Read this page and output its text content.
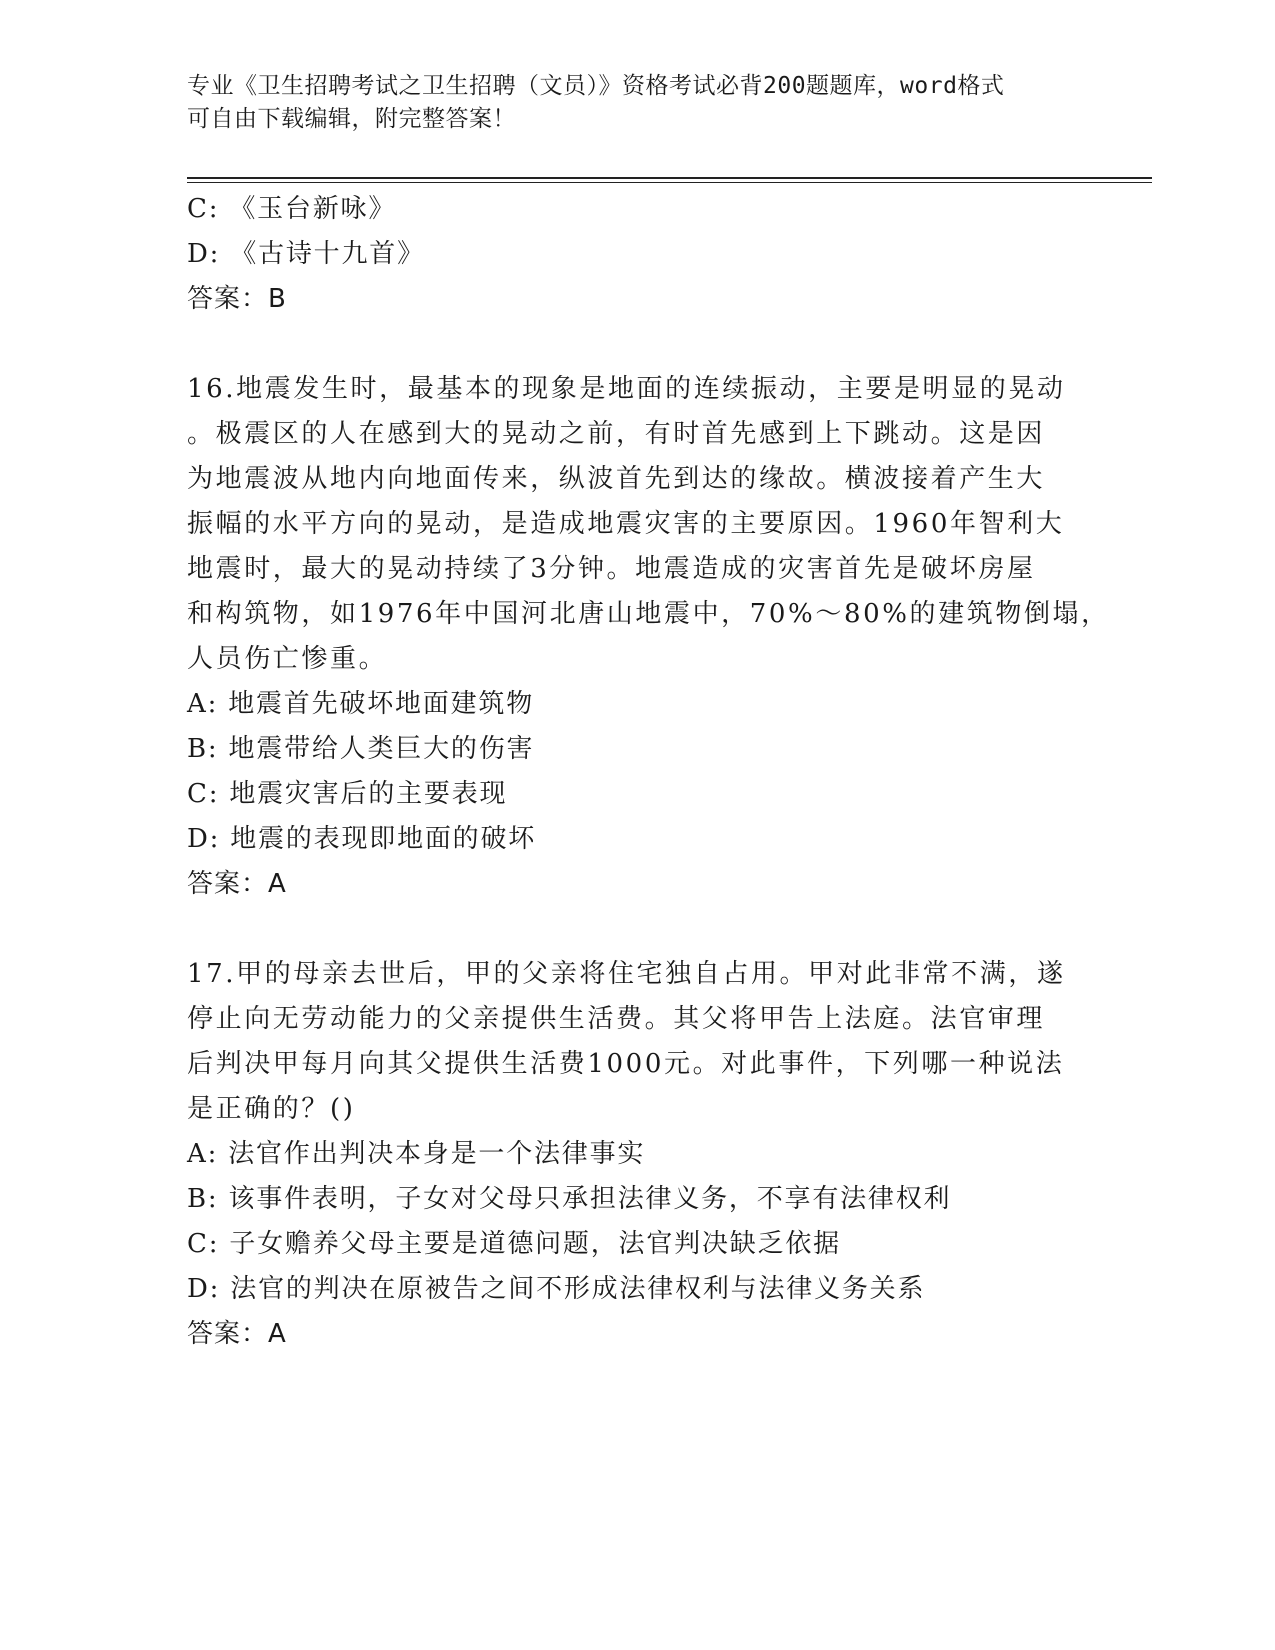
专业《卫生招聘考试之卫生招聘（文员）》资格考试必背200题题库，word格式
可自由下载编辑，附完整答案！
C: 《玉台新咏》
D: 《古诗十九首》
答案：B
16.地震发生时，最基本的现象是地面的连续振动，主要是明显的晃动
。极震区的人在感到大的晃动之前，有时首先感到上下跳动。这是因
为地震波从地内向地面传来，纵波首先到达的缘故。横波接着产生大
振幅的水平方向的晃动，是造成地震灾害的主要原因。1960年智利大
地震时，最大的晃动持续了3分钟。地震造成的灾害首先是破坏房屋
和构筑物，如1976年中国河北唐山地震中，70%～80%的建筑物倒塌，
人员伤亡惨重。
A: 地震首先破坏地面建筑物
B: 地震带给人类巨大的伤害
C: 地震灾害后的主要表现
D: 地震的表现即地面的破坏
答案：A
17.甲的母亲去世后，甲的父亲将住宅独自占用。甲对此非常不满，遂
停止向无劳动能力的父亲提供生活费。其父将甲告上法庭。法官审理
后判决甲每月向其父提供生活费1000元。对此事件，下列哪一种说法
是正确的？()
A: 法官作出判决本身是一个法律事实
B: 该事件表明，子女对父母只承担法律义务，不享有法律权利
C: 子女赡养父母主要是道德问题，法官判决缺乏依据
D: 法官的判决在原被告之间不形成法律权利与法律义务关系
答案：A
